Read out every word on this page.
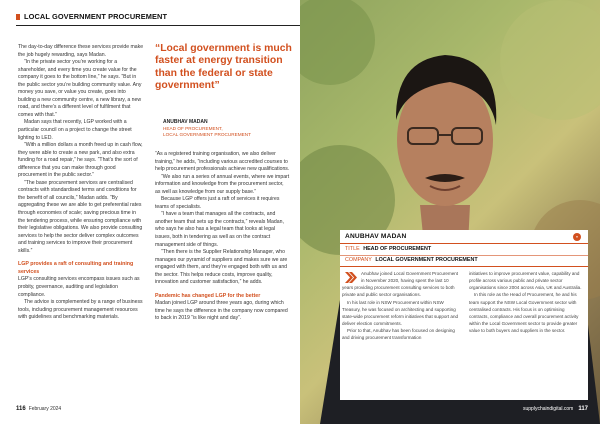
LOCAL GOVERNMENT PROCUREMENT

The day-to-day difference these services provide make the job hugely rewarding, says Madan.

“In the private sector you’re working for a shareholder, and every time you create value for the company it goes to the bottom line,” he says. “But in the public sector you’re building community value. Any money you save, or value you create, goes into building a new community centre, a new library, a new road, and there’s a different level of fulfilment that comes with that.”

Madan says that recently, LGP worked with a particular council on a project to change the street lighting to LED.

“With a million dollars a month freed up in cash flow, they were able to create a new park, and also extra funding for a road repair,” he says. “That’s the sort of difference that you can make through good procurement in the public sector.”

“The base procurement services are centralised contracts with standardised terms and conditions for the benefit of all councils,” Madan adds. “By aggregating these we are able to get preferential rates through economies of scale; saving precious time in the tendering process, while ensuring compliance with their legislative obligations. We also provide consulting services to help the sector deliver complex outcomes and training services to improve their procurement skills.”

LGP provides a raft of consulting and training services

LGP’s consulting services encompass issues such as probity, governance, auditing and legislation compliance.

The advice is complemented by a range of business tools, including procurement management resources with guidelines and benchmarking materials.

“Local government is much faster at energy transition than the federal or state government”
ANUBHAV MADAN
HEAD OF PROCUREMENT,
LOCAL GOVERNMENT PROCUREMENT

“As a registered training organisation, we also deliver training,” he adds, “including various accredited courses to help procurement professionals achieve new qualifications.

“We also run a series of annual events, where we impart information and knowledge from the procurement sector, as well as knowledge from our supply base.”

Because LGP offers just a raft of services it requires teams of specialists.

“I have a team that manages all the contracts, and another team that sets up the contracts,” reveals Madan, who says he also has a legal team that looks at legal issues, both in tendering as well as on the contract management side of things.

“Then there is the Supplier Relationship Manager, who manages our pyramid of suppliers and makes sure we are engaged with them, and they’re engaged both with us and the sector. This helps reduce costs, improve quality, innovation and customer satisfaction,” he adds.

Pandemic has changed LGP for the better

Madan joined LGP around three years ago, during which time he says the difference in the company now compared to back in 2019 “is like night and day”.

116 February 2024
ANUBHAV MADAN	»
TITLE HEAD OF PROCUREMENT
COMPANY LOCAL GOVERNMENT PROCUREMENT

Anubhav joined Local Government Procurement in November 2020, having spent the last 10 years providing procurement consulting services to both private and public sector organisations.

In his last role in NSW Procurement within NSW Treasury, he was focused on architecting and supporting state-wide procurement reform initiatives that support and deliver election commitments.

Prior to that, Anubhav has been focused on designing and driving procurement transformation

initiatives to improve procurement value, capability and profile across various public and private sector organisations since 2004 across Asia, UK and Australia.

In this role as the Head of Procurement, he and his team support the NSW Local Government sector with centralised contracts. His focus is on optimising contracts, compliance and overall procurement activity within the Local Government sector to provide greater value to both buyers and suppliers in the sector.

supplychaindigital.com 117
